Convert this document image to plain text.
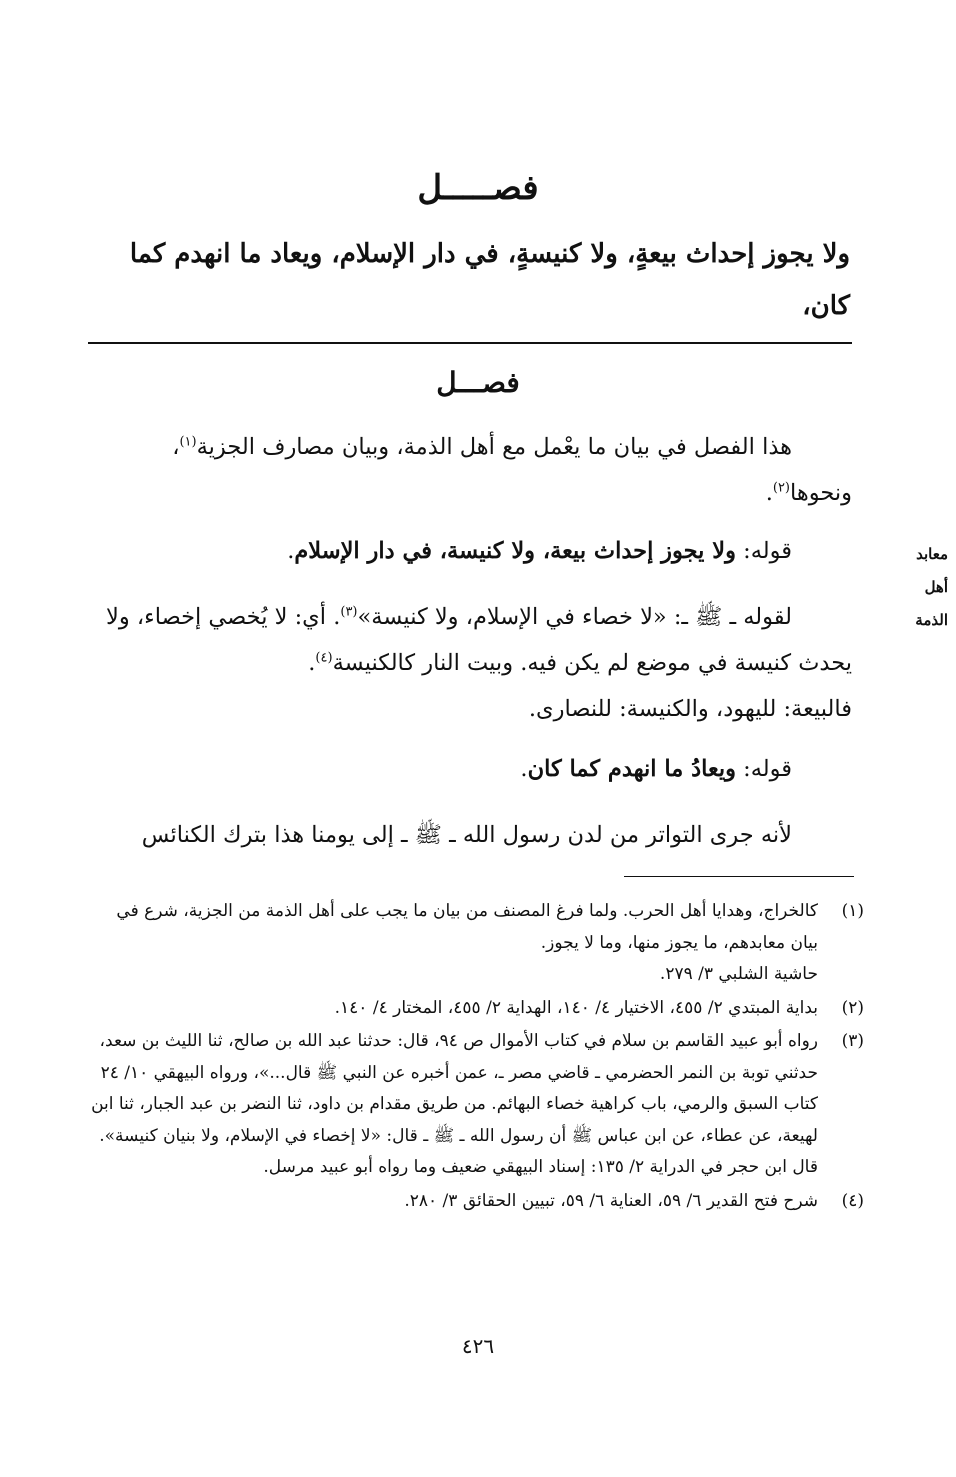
فصـــــل
ولا يجوز إحداث بيعةٍ، ولا كنيسةٍ، في دار الإسلام، ويعاد ما انهدم كما كان،
فصـــل

هذا الفصل في بيان ما يعْمل مع أهل الذمة، وبيان مصارف الجزية$^{(١)}$، ونحوها$^{(٢)}$.

قوله: ولا يجوز إحداث بيعة، ولا كنيسة، في دار الإسلام.

لقوله ـ ﷺ ـ: «لا خصاء في الإسلام، ولا كنيسة»$^{(٣)}$. أي: لا يُخصي إخصاء، ولا يحدث كنيسة في موضع لم يكن فيه. وبيت النار كالكنيسة$^{(٤)}$.

فالبيعة: لليهود، والكنيسة: للنصارى.

قوله: ويعادُ ما انهدم كما كان.

لأنه جرى التواتر من لدن رسول الله ـ ﷺ ـ إلى يومنا هذا بترك الكنائس

معابد
أهل
الذمة
(١)
كالخراج، وهدايا أهل الحرب. ولما فرغ المصنف من بيان ما يجب على أهل الذمة من الجزية، شرع في بيان معابدهم، ما يجوز منها، وما لا يجوز.
حاشية الشلبي ٣/ ٢٧٩.
(٢)
بداية المبتدي ٢/ ٤٥٥، الاختيار ٤/ ١٤٠، الهداية ٢/ ٤٥٥، المختار ٤/ ١٤٠.
(٣)
رواه أبو عبيد القاسم بن سلام في كتاب الأموال ص ٩٤، قال: حدثنا عبد الله بن صالح، ثنا الليث بن سعد، حدثني توبة بن النمر الحضرمي ـ قاضي مصر ـ، عمن أخبره عن النبي ﷺ قال...»، ورواه البيهقي ١٠/ ٢٤ كتاب السبق والرمي، باب كراهية خصاء البهائم. من طريق مقدام بن داود، ثنا النضر بن عبد الجبار، ثنا ابن لهيعة، عن عطاء، عن ابن عباس ﷺ أن رسول الله ـ ﷺ ـ قال: «لا إخصاء في الإسلام، ولا بنيان كنيسة».
قال ابن حجر في الدراية ٢/ ١٣٥: إسناد البيهقي ضعيف وما رواه أبو عبيد مرسل.
(٤)
شرح فتح القدير ٦/ ٥٩، العناية ٦/ ٥٩، تبيين الحقائق ٣/ ٢٨٠.
٤٢٦
